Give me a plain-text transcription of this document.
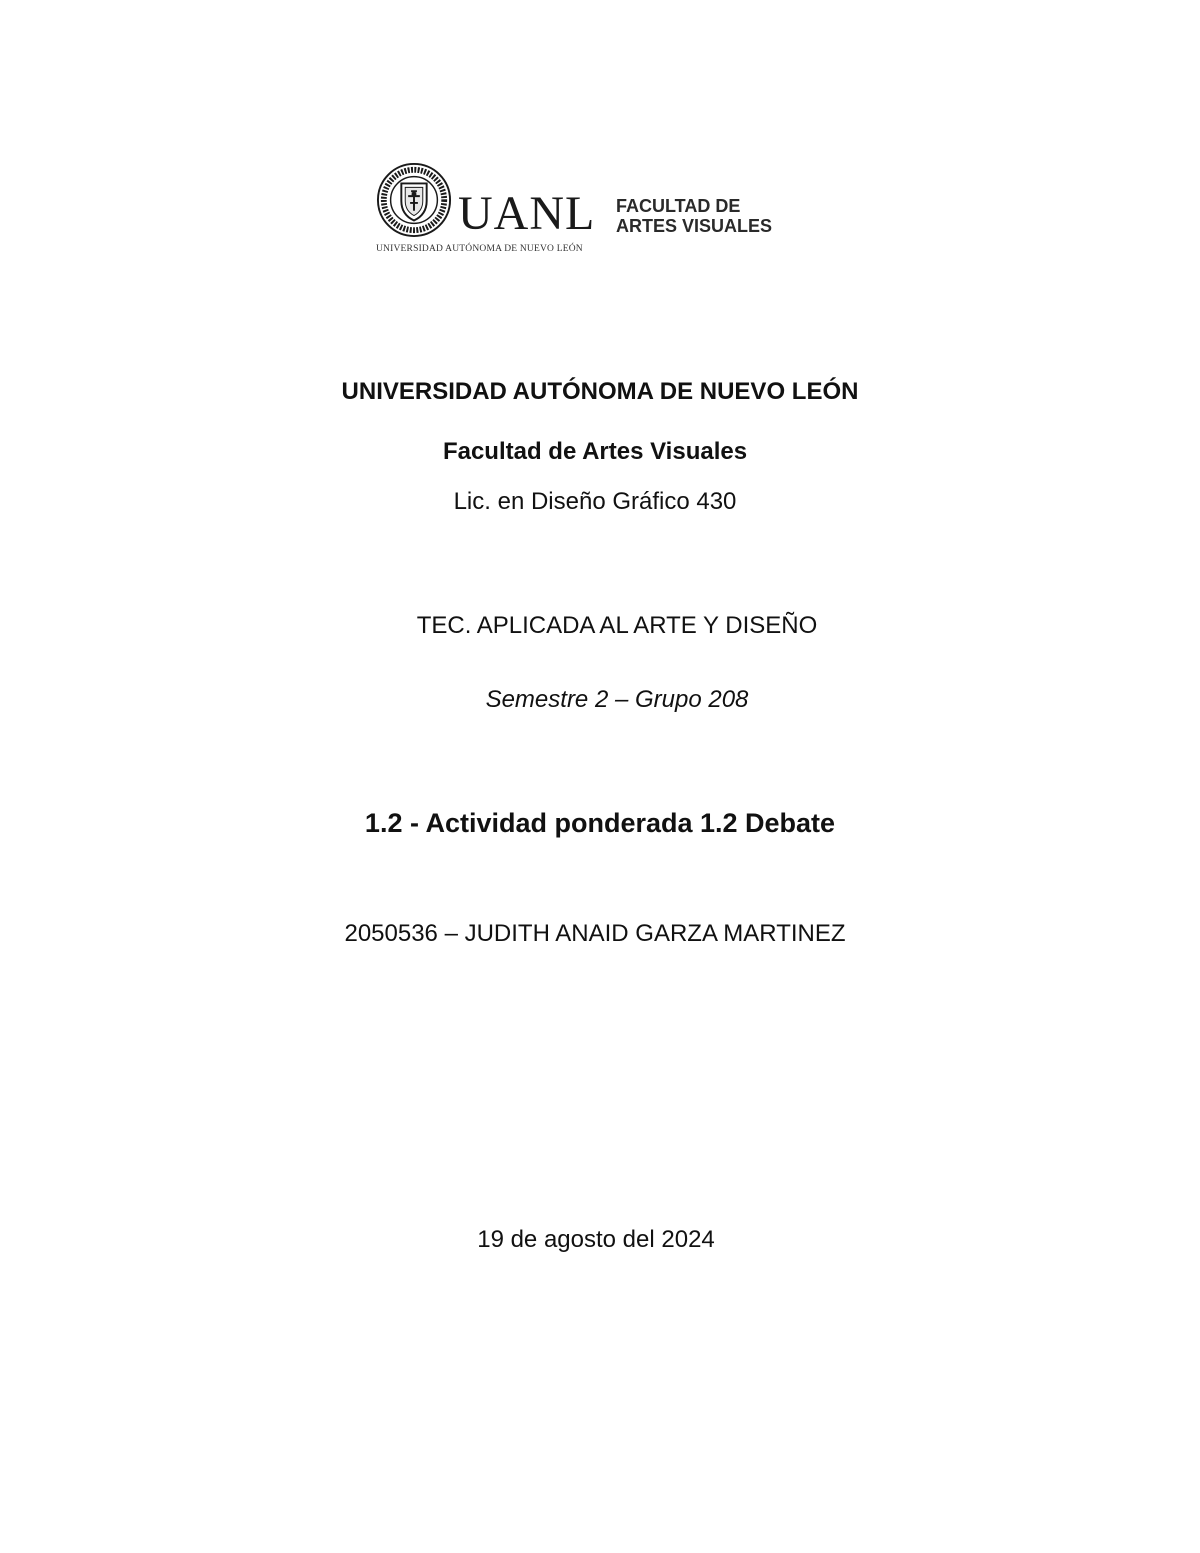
UANL FACULTAD DE
ARTES VISUALES
UNIVERSIDAD AUTÓNOMA DE NUEVO LEÓN
UNIVERSIDAD AUTÓNOMA DE NUEVO LEÓN
Facultad de Artes Visuales
Lic. en Diseño Gráfico 430
TEC. APLICADA AL ARTE Y DISEÑO
Semestre 2 – Grupo 208
1.2 - Actividad ponderada 1.2 Debate
2050536 – JUDITH ANAID GARZA MARTINEZ
19 de agosto del 2024
